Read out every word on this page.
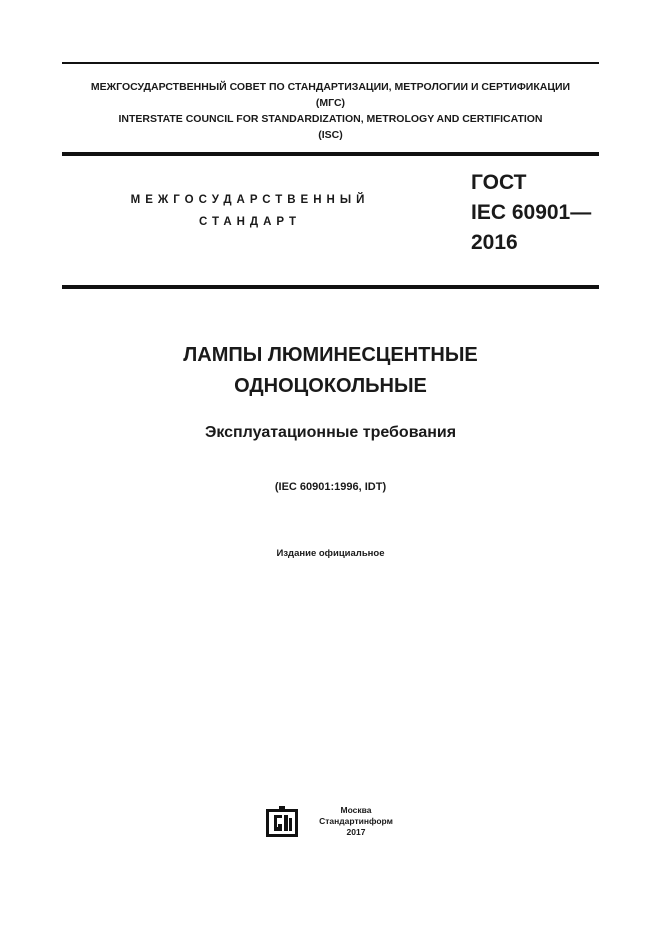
МЕЖГОСУДАРСТВЕННЫЙ СОВЕТ ПО СТАНДАРТИЗАЦИИ, МЕТРОЛОГИИ И СЕРТИФИКАЦИИ
(МГС)
INTERSTATE COUNCIL FOR STANDARDIZATION, METROLOGY AND CERTIFICATION
(ISC)
МЕЖГОСУДАРСТВЕННЫЙ
СТАНДАРТ
ГОСТ
IEC 60901—
2016
ЛАМПЫ ЛЮМИНЕСЦЕНТНЫЕ
ОДНОЦОКОЛЬНЫЕ
Эксплуатационные требования
(IEC 60901:1996, IDT)
Издание официальное
Москва
Стандартинформ
2017
